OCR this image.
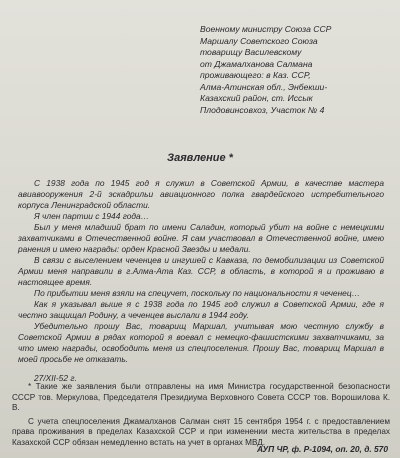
Военному министру Союза ССР
Маршалу Советского Союза
товарищу Василевскому
от Джамалханова Салмана
проживающего: в Каз. ССР,
Алма-Атинская обл., Энбекши-
Казахский район, ст. Иссык
Плодовинсовхоз, Участок № 4
Заявление *

С 1938 года по 1945 год я служил в Советской Армии, в качестве мастера авиавооружения 2-й эскадрильи авиационного полка гвардейского истребительного корпуса Ленинградской области.

Я член партии с 1944 года…

Был у меня младший брат по имени Саладин, который убит на войне с немецкими захватчиками в Отечественной войне. Я сам участвовал в Отечественной войне, имею ранения и имею награды: орден Красной Звезды и медали.

В связи с выселением чеченцев и ингушей с Кавказа, по демобилизации из Советской Армии меня направили в г.Алма-Ата Каз. ССР, в область, в которой я и проживаю в настоящее время.

По прибытии меня взяли на спецучет, поскольку по национальности я чеченец…

Как я указывал выше я с 1938 года по 1945 год служил в Советской Армии, где я честно защищал Родину, а чеченцев выслали в 1944 году.

Убедительно прошу Вас, товарищ Маршал, учитывая мою честную службу в Советской Армии в рядах которой я воевал с немецко-фашистскими захватчиками, за что имею награды, освободить меня из спецпоселения. Прошу Вас, товарищ Маршал в моей просьбе не отказать.

27/XII-52 г.

* Такие же заявления были отправлены на имя Министра государственной безопасности СССР тов. Меркулова, Председателя Президиума Верховного Совета СССР тов. Ворошилова К. В.

С учета спецпоселения Джамалханов Салман снят 15 сентября 1954 г. с предоставлением права проживания в пределах Казахской ССР и при изменении места жительства в пределах Казахской ССР обязан немедленно встать на учет в органах МВД.

АУП ЧР, ф. Р-1094, оп. 20, д. 570
